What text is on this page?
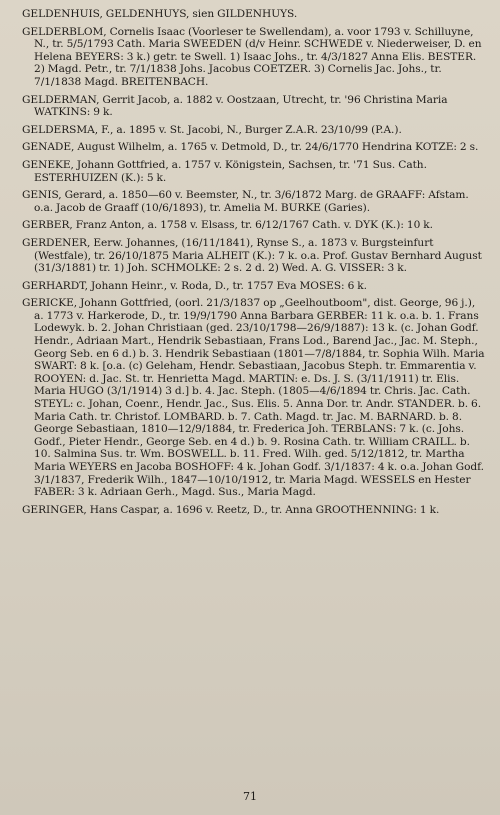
GELDENHUIS, GELDENHUYS, sien GILDENHUYS.

GELDERBLOM, Cornelis Isaac (Voorleser te Swellendam), a. voor 1793 v. Schilluyne, N., tr. 5/5/1793 Cath. Maria SWEEDEN (d/v Heinr. SCHWEDE v. Niederweiser, D. en Helena BEYERS: 3 k.) getr. te Swell. 1) Isaac Johs., tr. 4/3/1827 Anna Elis. BESTER. 2) Magd. Petr., tr. 7/1/1838 Johs. Jacobus COETZER. 3) Cornelis Jac. Johs., tr. 7/1/1838 Magd. BREITENBACH.

GELDERMAN, Gerrit Jacob, a. 1882 v. Oostzaan, Utrecht, tr. '96 Christina Maria WATKINS: 9 k.

GELDERSMA, F., a. 1895 v. St. Jacobi, N., Burger Z.A.R. 23/10/99 (P.A.).

GENADE, August Wilhelm, a. 1765 v. Detmold, D., tr. 24/6/1770 Hendrina KOTZE: 2 s.

GENEKE, Johann Gottfried, a. 1757 v. Königstein, Sachsen, tr. '71 Sus. Cath. ESTERHUIZEN (K.): 5 k.

GENIS, Gerard, a. 1850—60 v. Beemster, N., tr. 3/6/1872 Marg. de GRAAFF: Afstam. o.a. Jacob de Graaff (10/6/1893), tr. Amelia M. BURKE (Garies).

GERBER, Franz Anton, a. 1758 v. Elsass, tr. 6/12/1767 Cath. v. DYK (K.): 10 k.

GERDENER, Eerw. Johannes, (16/11/1841), Rynse S., a. 1873 v. Burgsteinfurt (Westfale), tr. 26/10/1875 Maria ALHEIT (K.): 7 k. o.a. Prof. Gustav Bernhard August (31/3/1881) tr. 1) Joh. SCHMOLKE: 2 s. 2 d. 2) Wed. A. G. VISSER: 3 k.

GERHARDT, Johann Heinr., v. Roda, D., tr. 1757 Eva MOSES: 6 k.

GERICKE, Johann Gottfried, (oorl. 21/3/1837 op „Geelhoutboom", dist. George, 96 j.), a. 1773 v. Harkerode, D., tr. 19/9/1790 Anna Barbara GERBER: 11 k. o.a. b. 1. Frans Lodewyk. b. 2. Johan Christiaan (ged. 23/10/1798—26/9/1887): 13 k. (c. Johan Godf. Hendr., Adriaan Mart., Hendrik Sebastiaan, Frans Lod., Barend Jac., Jac. M. Steph., Georg Seb. en 6 d.) b. 3. Hendrik Sebastiaan (1801—7/8/1884, tr. Sophia Wilh. Maria SWART: 8 k. [o.a. (c) Geleham, Hendr. Sebastiaan, Jacobus Steph. tr. Emmarentia v. ROOYEN: d. Jac. St. tr. Henrietta Magd. MARTIN: e. Ds. J. S. (3/11/1911) tr. Elis. Maria HUGO (3/1/1914) 3 d.] b. 4. Jac. Steph. (1805—4/6/1894 tr. Chris. Jac. Cath. STEYL: c. Johan, Coenr., Hendr. Jac., Sus. Elis. 5. Anna Dor. tr. Andr. STANDER. b. 6. Maria Cath. tr. Christof. LOMBARD. b. 7. Cath. Magd. tr. Jac. M. BARNARD. b. 8. George Sebastiaan, 1810—12/9/1884, tr. Frederica Joh. TERBLANS: 7 k. (c. Johs. Godf., Pieter Hendr., George Seb. en 4 d.) b. 9. Rosina Cath. tr. William CRAILL. b. 10. Salmina Sus. tr. Wm. BOSWELL. b. 11. Fred. Wilh. ged. 5/12/1812, tr. Martha Maria WEYERS en Jacoba BOSHOFF: 4 k. Johan Godf. 3/1/1837: 4 k. o.a. Johan Godf. 3/1/1837, Frederik Wilh., 1847—10/10/1912, tr. Maria Magd. WESSELS en Hester FABER: 3 k. Adriaan Gerh., Magd. Sus., Maria Magd.

GERINGER, Hans Caspar, a. 1696 v. Reetz, D., tr. Anna GROOTHENNING: 1 k.

71
